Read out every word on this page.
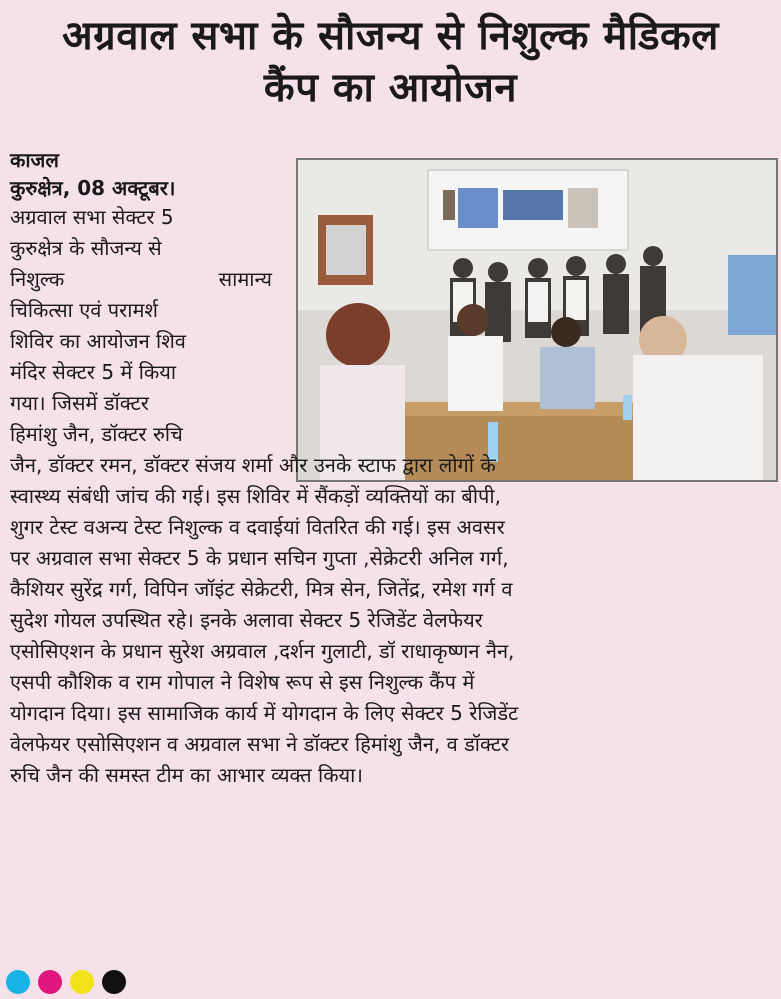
अग्रवाल सभा के सौजन्य से निशुल्क मैडिकल
कैंप का आयोजन
काजल
कुरुक्षेत्र, 08 अक्टूबर।
अग्रवाल सभा सेक्टर 5
कुरुक्षेत्र के सौजन्य से
निशुल्क सामान्य
चिकित्सा एवं परामर्श
शिविर का आयोजन शिव
मंदिर सेक्टर 5 में किया
गया। जिसमें डॉक्टर
हिमांशु जैन, डॉक्टर रुचि
जैन, डॉक्टर रमन, डॉक्टर संजय शर्मा और उनके स्टाफ द्वारा लोगों के
स्वास्थ्य संबंधी जांच की गई। इस शिविर में सैंकड़ों व्यक्तियों का बीपी,
शुगर टेस्ट वअन्य टेस्ट निशुल्क व दवाईयां वितरित की गई। इस अवसर
पर अग्रवाल सभा सेक्टर 5 के प्रधान सचिन गुप्ता ,सेक्रेटरी अनिल गर्ग,
कैशियर सुरेंद्र गर्ग, विपिन जॉइंट सेक्रेटरी, मित्र सेन, जितेंद्र, रमेश गर्ग व
सुदेश गोयल उपस्थित रहे। इनके अलावा सेक्टर 5 रेजिडेंट वेलफेयर
एसोसिएशन के प्रधान सुरेश अग्रवाल ,दर्शन गुलाटी, डॉ राधाकृष्णन नैन,
एसपी कौशिक व राम गोपाल ने विशेष रूप से इस निशुल्क कैंप में
योगदान दिया। इस सामाजिक कार्य में योगदान के लिए सेक्टर 5 रेजिडेंट
वेलफेयर एसोसिएशन व अग्रवाल सभा ने डॉक्टर हिमांशु जैन, व डॉक्टर
रुचि जैन की समस्त टीम का आभार व्यक्त किया।
